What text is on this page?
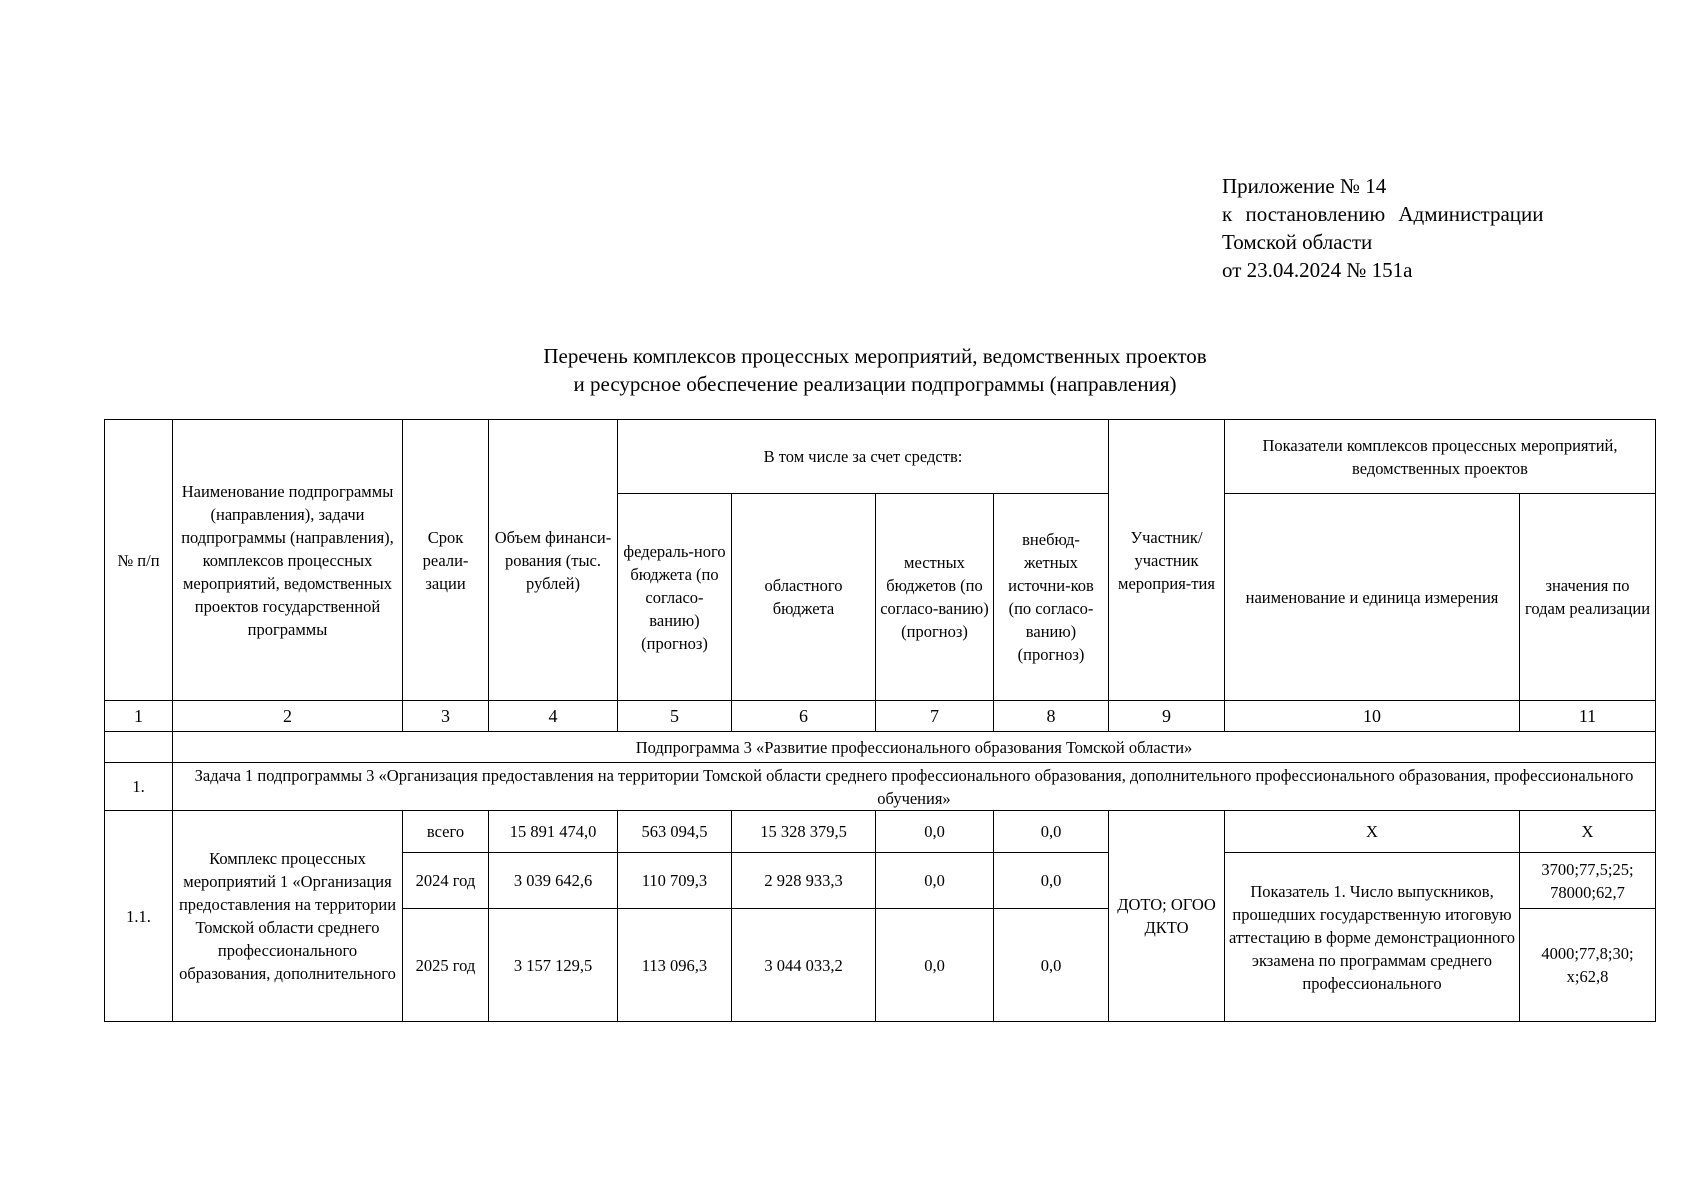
Приложение № 14
к постановлению Администрации
Томской области
от 23.04.2024 № 151а
Перечень комплексов процессных мероприятий, ведомственных проектов
и ресурсное обеспечение реализации подпрограммы (направления)
№ п/п	Наименование подпрограммы (направления), задачи подпрограммы (направления), комплексов процессных мероприятий, ведомственных проектов государственной программы	Срок реали-зации	Объем финанси-рования (тыс. рублей)	В том числе за счет средств:				Участник/ участник мероприя-тия	Показатели комплексов процессных мероприятий, ведомственных проектов	
				федераль-ного бюджета (по согласо-ванию) (прогноз)	областного бюджета	местных бюджетов (по согласо-ванию) (прогноз)	внебюд-жетных источни-ков (по согласо-ванию) (прогноз)		наименование и единица измерения	значения по годам реализации
1	2	3	4	5	6	7	8	9	10	11
	Подпрограмма 3 «Развитие профессионального образования Томской области»									
1.	Задача 1 подпрограммы 3 «Организация предоставления на территории Томской области среднего профессионального образования, дополнительного профессионального образования, профессионального обучения»									
1.1.	Комплекс процессных мероприятий 1 «Организация предоставления на территории Томской области среднего профессионального образования, дополнительного	всего	15 891 474,0	563 094,5	15 328 379,5	0,0	0,0	ДОТО; ОГОО ДКТО	X	X
		2024 год	3 039 642,6	110 709,3	2 928 933,3	0,0	0,0		Показатель 1. Число выпускников, прошедших государственную итоговую аттестацию в форме демонстрационного экзамена по программам среднего профессионального	3700;77,5;25; 78000;62,7
		2025 год	3 157 129,5	113 096,3	3 044 033,2	0,0	0,0			4000;77,8;30; x;62,8
